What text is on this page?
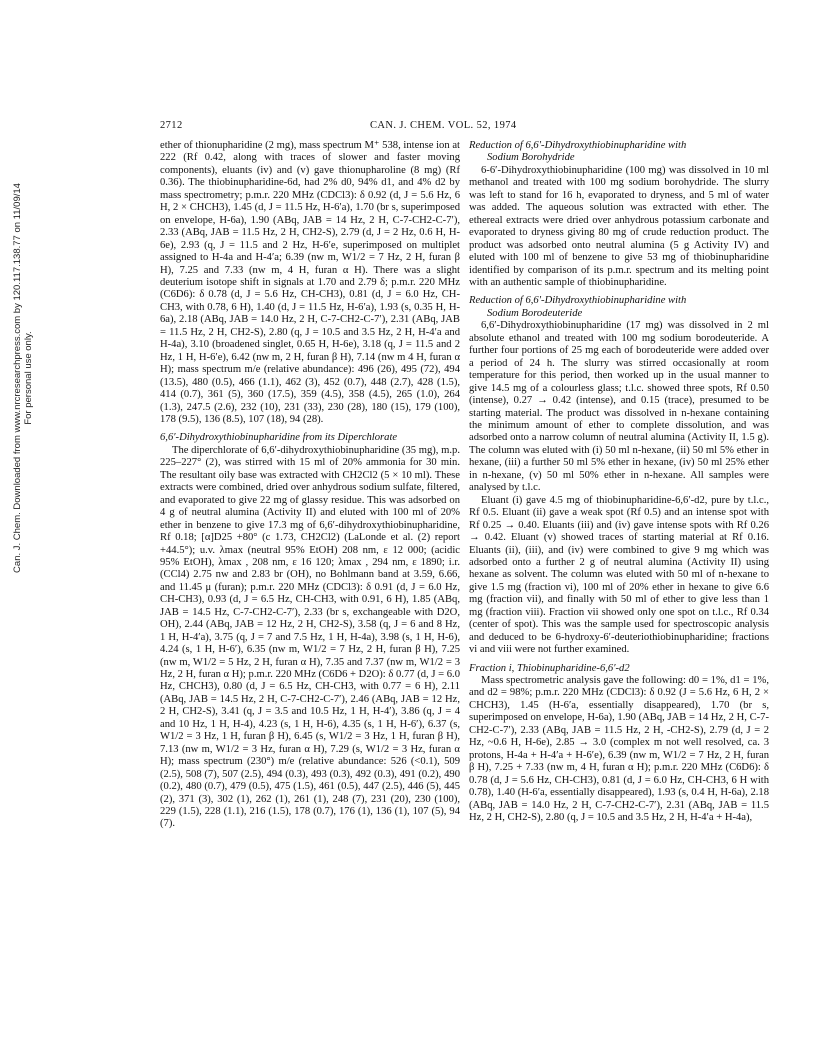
Can. J. Chem. Downloaded from www.nrcresearchpress.com by 120.117.138.77 on 11/09/14 For personal use only.
2712	CAN. J. CHEM. VOL. 52, 1974

ether of thionupharidine (2 mg), mass spectrum M⁺ 538, intense ion at 222 (Rf 0.42, along with traces of slower and faster moving components), eluants (iv) and (v) gave thionupharoline (8 mg) (Rf 0.36). The thiobinupharidine-6d, had 2% d0, 94% d1, and 4% d2 by mass spectrometry; p.m.r. 220 MHz (CDCl3): δ 0.92 (d, J = 5.6 Hz, 6 H, 2 × CHCH3), 1.45 (d, J = 11.5 Hz, H-6′a), 1.70 (br s, superimposed on envelope, H-6a), 1.90 (ABq, JAB = 14 Hz, 2 H, C-7-CH2-C-7′), 2.33 (ABq, JAB = 11.5 Hz, 2 H, CH2-S), 2.79 (d, J = 2 Hz, 0.6 H, H-6e), 2.93 (q, J = 11.5 and 2 Hz, H-6′e, superimposed on multiplet assigned to H-4a and H-4′a; 6.39 (nw m, W1/2 = 7 Hz, 2 H, furan β H), 7.25 and 7.33 (nw m, 4 H, furan α H). There was a slight deuterium isotope shift in signals at 1.70 and 2.79 δ; p.m.r. 220 MHz (C6D6): δ 0.78 (d, J = 5.6 Hz, CH-CH3), 0.81 (d, J = 6.0 Hz, CH-CH3, with 0.78, 6 H), 1.40 (d, J = 11.5 Hz, H-6′a), 1.93 (s, 0.35 H, H-6a), 2.18 (ABq, JAB = 14.0 Hz, 2 H, C-7-CH2-C-7′), 2.31 (ABq, JAB = 11.5 Hz, 2 H, CH2-S), 2.80 (q, J = 10.5 and 3.5 Hz, 2 H, H-4′a and H-4a), 3.10 (broadened singlet, 0.65 H, H-6e), 3.18 (q, J = 11.5 and 2 Hz, 1 H, H-6′e), 6.42 (nw m, 2 H, furan β H), 7.14 (nw m 4 H, furan α H); mass spectrum m/e (relative abundance): 496 (26), 495 (72), 494 (13.5), 480 (0.5), 466 (1.1), 462 (3), 452 (0.7), 448 (2.7), 428 (1.5), 414 (0.7), 361 (5), 360 (17.5), 359 (4.5), 358 (4.5), 265 (1.0), 264 (1.3), 247.5 (2.6), 232 (10), 231 (33), 230 (28), 180 (15), 179 (100), 178 (9.5), 136 (8.5), 107 (18), 94 (28).

6,6′-Dihydroxythiobinupharidine from its Diperchlorate

The diperchlorate of 6,6′-dihydroxythiobinupharidine (35 mg), m.p. 225–227° (2), was stirred with 15 ml of 20% ammonia for 30 min. The resultant oily base was extracted with CH2Cl2 (5 × 10 ml). These extracts were combined, dried over anhydrous sodium sulfate, filtered, and evaporated to give 22 mg of glassy residue. This was adsorbed on 4 g of neutral alumina (Activity II) and eluted with 100 ml of 20% ether in benzene to give 17.3 mg of 6,6′-dihydroxythiobinupharidine, Rf 0.18; [α]D25 +80° (c 1.73, CH2Cl2) (LaLonde et al. (2) report +44.5°); u.v. λmax (neutral 95% EtOH) 208 nm, ε 12 000; (acidic 95% EtOH), λmax , 208 nm, ε 16 120; λmax , 294 nm, ε 1890; i.r. (CCl4) 2.75 nw and 2.83 br (OH), no Bohlmann band at 3.59, 6.66, and 11.45 μ (furan); p.m.r. 220 MHz (CDCl3): δ 0.91 (d, J = 6.0 Hz, CH-CH3), 0.93 (d, J = 6.5 Hz, CH-CH3, with 0.91, 6 H), 1.85 (ABq, JAB = 14.5 Hz, C-7-CH2-C-7′), 2.33 (br s, exchangeable with D2O, OH), 2.44 (ABq, JAB = 12 Hz, 2 H, CH2-S), 3.58 (q, J = 6 and 8 Hz, 1 H, H-4′a), 3.75 (q, J = 7 and 7.5 Hz, 1 H, H-4a), 3.98 (s, 1 H, H-6), 4.24 (s, 1 H, H-6′), 6.35 (nw m, W1/2 = 7 Hz, 2 H, furan β H), 7.25 (nw m, W1/2 = 5 Hz, 2 H, furan α H), 7.35 and 7.37 (nw m, W1/2 = 3 Hz, 2 H, furan α H); p.m.r. 220 MHz (C6D6 + D2O): δ 0.77 (d, J = 6.0 Hz, CHCH3), 0.80 (d, J = 6.5 Hz, CH-CH3, with 0.77 = 6 H), 2.11 (ABq, JAB = 14.5 Hz, 2 H, C-7-CH2-C-7′), 2.46 (ABq, JAB = 12 Hz, 2 H, CH2-S), 3.41 (q, J = 3.5 and 10.5 Hz, 1 H, H-4′), 3.86 (q, J = 4 and 10 Hz, 1 H, H-4), 4.23 (s, 1 H, H-6), 4.35 (s, 1 H, H-6′), 6.37 (s, W1/2 = 3 Hz, 1 H, furan β H), 6.45 (s, W1/2 = 3 Hz, 1 H, furan β H), 7.13 (nw m, W1/2 = 3 Hz, furan α H), 7.29 (s, W1/2 = 3 Hz, furan α H); mass spectrum (230°) m/e (relative abundance: 526 (<0.1), 509 (2.5), 508 (7), 507 (2.5), 494 (0.3), 493 (0.3), 492 (0.3), 491 (0.2), 490 (0.2), 480 (0.7), 479 (0.5), 475 (1.5), 461 (0.5), 447 (2.5), 446 (5), 445 (2), 371 (3), 302 (1), 262 (1), 261 (1), 248 (7), 231 (20), 230 (100), 229 (1.5), 228 (1.1), 216 (1.5), 178 (0.7), 176 (1), 136 (1), 107 (5), 94 (7).

Reduction of 6,6′-Dihydroxythiobinupharidine with
Sodium Borohydride

6-6′-Dihydroxythiobinupharidine (100 mg) was dissolved in 10 ml methanol and treated with 100 mg sodium borohydride. The slurry was left to stand for 16 h, evaporated to dryness, and 5 ml of water was added. The aqueous solution was extracted with ether. The ethereal extracts were dried over anhydrous potassium carbonate and evaporated to dryness giving 80 mg of crude reduction product. The product was adsorbed onto neutral alumina (5 g Activity IV) and eluted with 100 ml of benzene to give 53 mg of thiobinupharidine identified by comparison of its p.m.r. spectrum and its melting point with an authentic sample of thiobinupharidine.

Reduction of 6,6′-Dihydroxythiobinupharidine with
Sodium Borodeuteride

6,6′-Dihydroxythiobinupharidine (17 mg) was dissolved in 2 ml absolute ethanol and treated with 100 mg sodium borodeuteride. A further four portions of 25 mg each of borodeuteride were added over a period of 24 h. The slurry was stirred occasionally at room temperature for this period, then worked up in the usual manner to give 14.5 mg of a colourless glass; t.l.c. showed three spots, Rf 0.50 (intense), 0.27 → 0.42 (intense), and 0.15 (trace), presumed to be starting material. The product was dissolved in n-hexane containing the minimum amount of ether to complete dissolution, and was adsorbed onto a narrow column of neutral alumina (Activity II, 1.5 g). The column was eluted with (i) 50 ml n-hexane, (ii) 50 ml 5% ether in hexane, (iii) a further 50 ml 5% ether in hexane, (iv) 50 ml 25% ether in n-hexane, (v) 50 ml 50% ether in n-hexane. All samples were analysed by t.l.c.

Eluant (i) gave 4.5 mg of thiobinupharidine-6,6′-d2, pure by t.l.c., Rf 0.5. Eluant (ii) gave a weak spot (Rf 0.5) and an intense spot with Rf 0.25 → 0.40. Eluants (iii) and (iv) gave intense spots with Rf 0.26 → 0.42. Eluant (v) showed traces of starting material at Rf 0.16. Eluants (ii), (iii), and (iv) were combined to give 9 mg which was adsorbed onto a further 2 g of neutral alumina (Activity II) using hexane as solvent. The column was eluted with 50 ml of n-hexane to give 1.5 mg (fraction vi), 100 ml of 20% ether in hexane to give 6.6 mg (fraction vii), and finally with 50 ml of ether to give less than 1 mg (fraction viii). Fraction vii showed only one spot on t.l.c., Rf 0.34 (center of spot). This was the sample used for spectroscopic analysis and deduced to be 6-hydroxy-6′-deuteriothiobinupharidine; fractions vi and viii were not further examined.

Fraction i, Thiobinupharidine-6,6′-d2

Mass spectrometric analysis gave the following: d0 = 1%, d1 = 1%, and d2 = 98%; p.m.r. 220 MHz (CDCl3): δ 0.92 (J = 5.6 Hz, 6 H, 2 × CHCH3), 1.45 (H-6′a, essentially disappeared), 1.70 (br s, superimposed on envelope, H-6a), 1.90 (ABq, JAB = 14 Hz, 2 H, C-7-CH2-C-7′), 2.33 (ABq, JAB = 11.5 Hz, 2 H, -CH2-S), 2.79 (d, J = 2 Hz, ~0.6 H, H-6e), 2.85 → 3.0 (complex m not well resolved, ca. 3 protons, H-4a + H-4′a + H-6′e), 6.39 (nw m, W1/2 = 7 Hz, 2 H, furan β H), 7.25 + 7.33 (nw m, 4 H, furan α H); p.m.r. 220 MHz (C6D6): δ 0.78 (d, J = 5.6 Hz, CH-CH3), 0.81 (d, J = 6.0 Hz, CH-CH3, 6 H with 0.78), 1.40 (H-6′a, essentially disappeared), 1.93 (s, 0.4 H, H-6a), 2.18 (ABq, JAB = 14.0 Hz, 2 H, C-7-CH2-C-7′), 2.31 (ABq, JAB = 11.5 Hz, 2 H, CH2-S), 2.80 (q, J = 10.5 and 3.5 Hz, 2 H, H-4′a + H-4a),
